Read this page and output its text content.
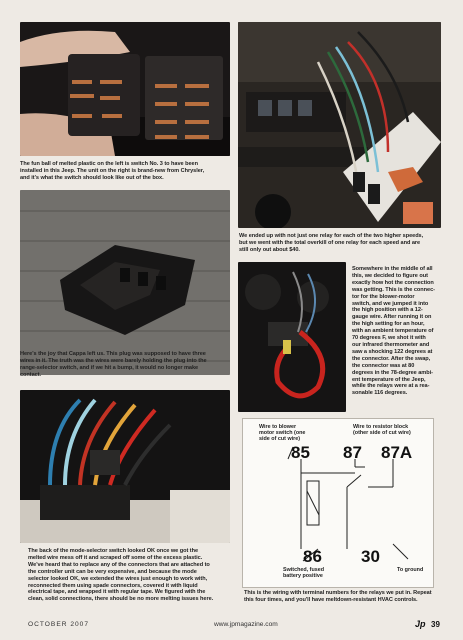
The fun ball of melted plastic on the left is switch No. 3 to have been
installed in this Jeep. The unit on the right is brand-new from Chrysler,
and it's what the switch should look like out of the box.
We ended up with not just one relay for each of the two higher speeds,
but we went with the total overkill of one relay for each speed and are
still only out about $40.
Here's the joy that Cappa left us. This plug was supposed to have three
wires in it. The truth was the wires were barely holding the plug into the
range-selector switch, and if we hit a bump, it would no longer make
contact.
Somewhere in the middle of all
this, we decided to figure out
exactly how hot the connection
was getting. This is the connec-
tor for the blower-motor
switch, and we jumped it into
the high position with a 12-
gauge wire. After running it on
the high setting for an hour,
with an ambient temperature of
70 degrees F, we shot it with
our infrared thermometer and
saw a shocking 122 degrees at
the connector. After the swap,
the connector was at 80
degrees in the 78-degree ambi-
ent temperature of the Jeep,
while the relays were at a rea-
sonable 116 degrees.
The back of the mode-selector switch looked OK once we got the
melted wire mess off it and scraped off some of the excess plastic.
We've heard that to replace any of the connectors that are attached to
the controller unit can be very expensive, and because the mode
selector looked OK, we extended the wires just enough to work with,
reconnected them using spade connectors, covered it with liquid
electrical tape, and wrapped it with regular tape. We figured with the
clean, solid connections, there should be no more melting issues here.
Wire to blower
motor switch (one
side of cut wire)
Wire to resistor block
(other side of cut wire)
85 87 87A
86 30
Switched, fused
battery positive
To ground
This is the wiring with terminal numbers for the relays we put in. Repeat
this four times, and you'll have meltdown-resistant HVAC controls.
OCTOBER 2007	www.jpmagazine.com	Jp 39
